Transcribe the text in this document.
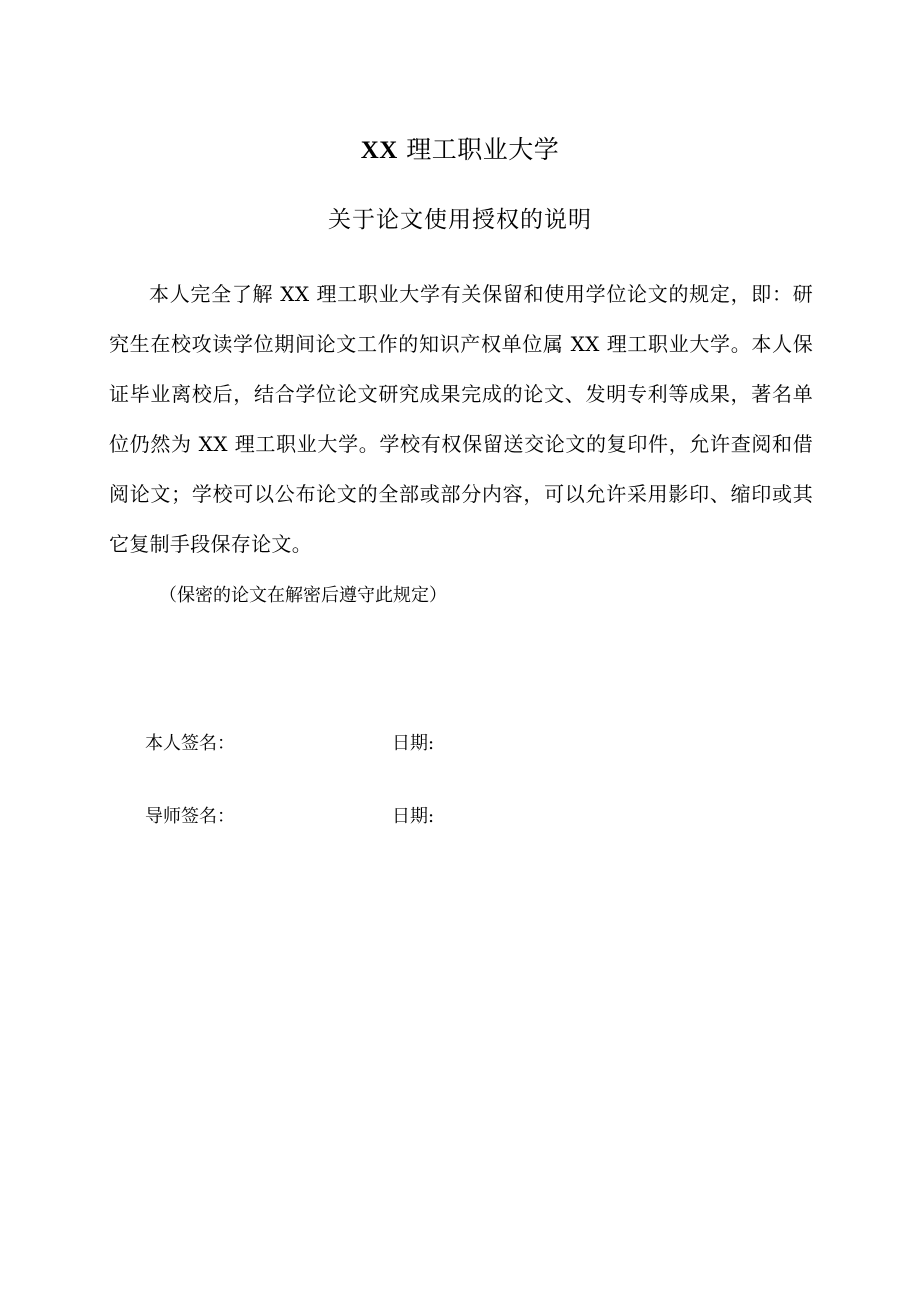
XX 理工职业大学
关于论文使用授权的说明

本人完全了解 XX 理工职业大学有关保留和使用学位论文的规定，即：研究生在校攻读学位期间论文工作的知识产权单位属 XX 理工职业大学。本人保证毕业离校后，结合学位论文研究成果完成的论文、发明专利等成果，著名单位仍然为 XX 理工职业大学。学校有权保留送交论文的复印件，允许查阅和借阅论文；学校可以公布论文的全部或部分内容，可以允许采用影印、缩印或其它复制手段保存论文。

（保密的论文在解密后遵守此规定）

本人签名：	日期:
导师签名：	日期:
